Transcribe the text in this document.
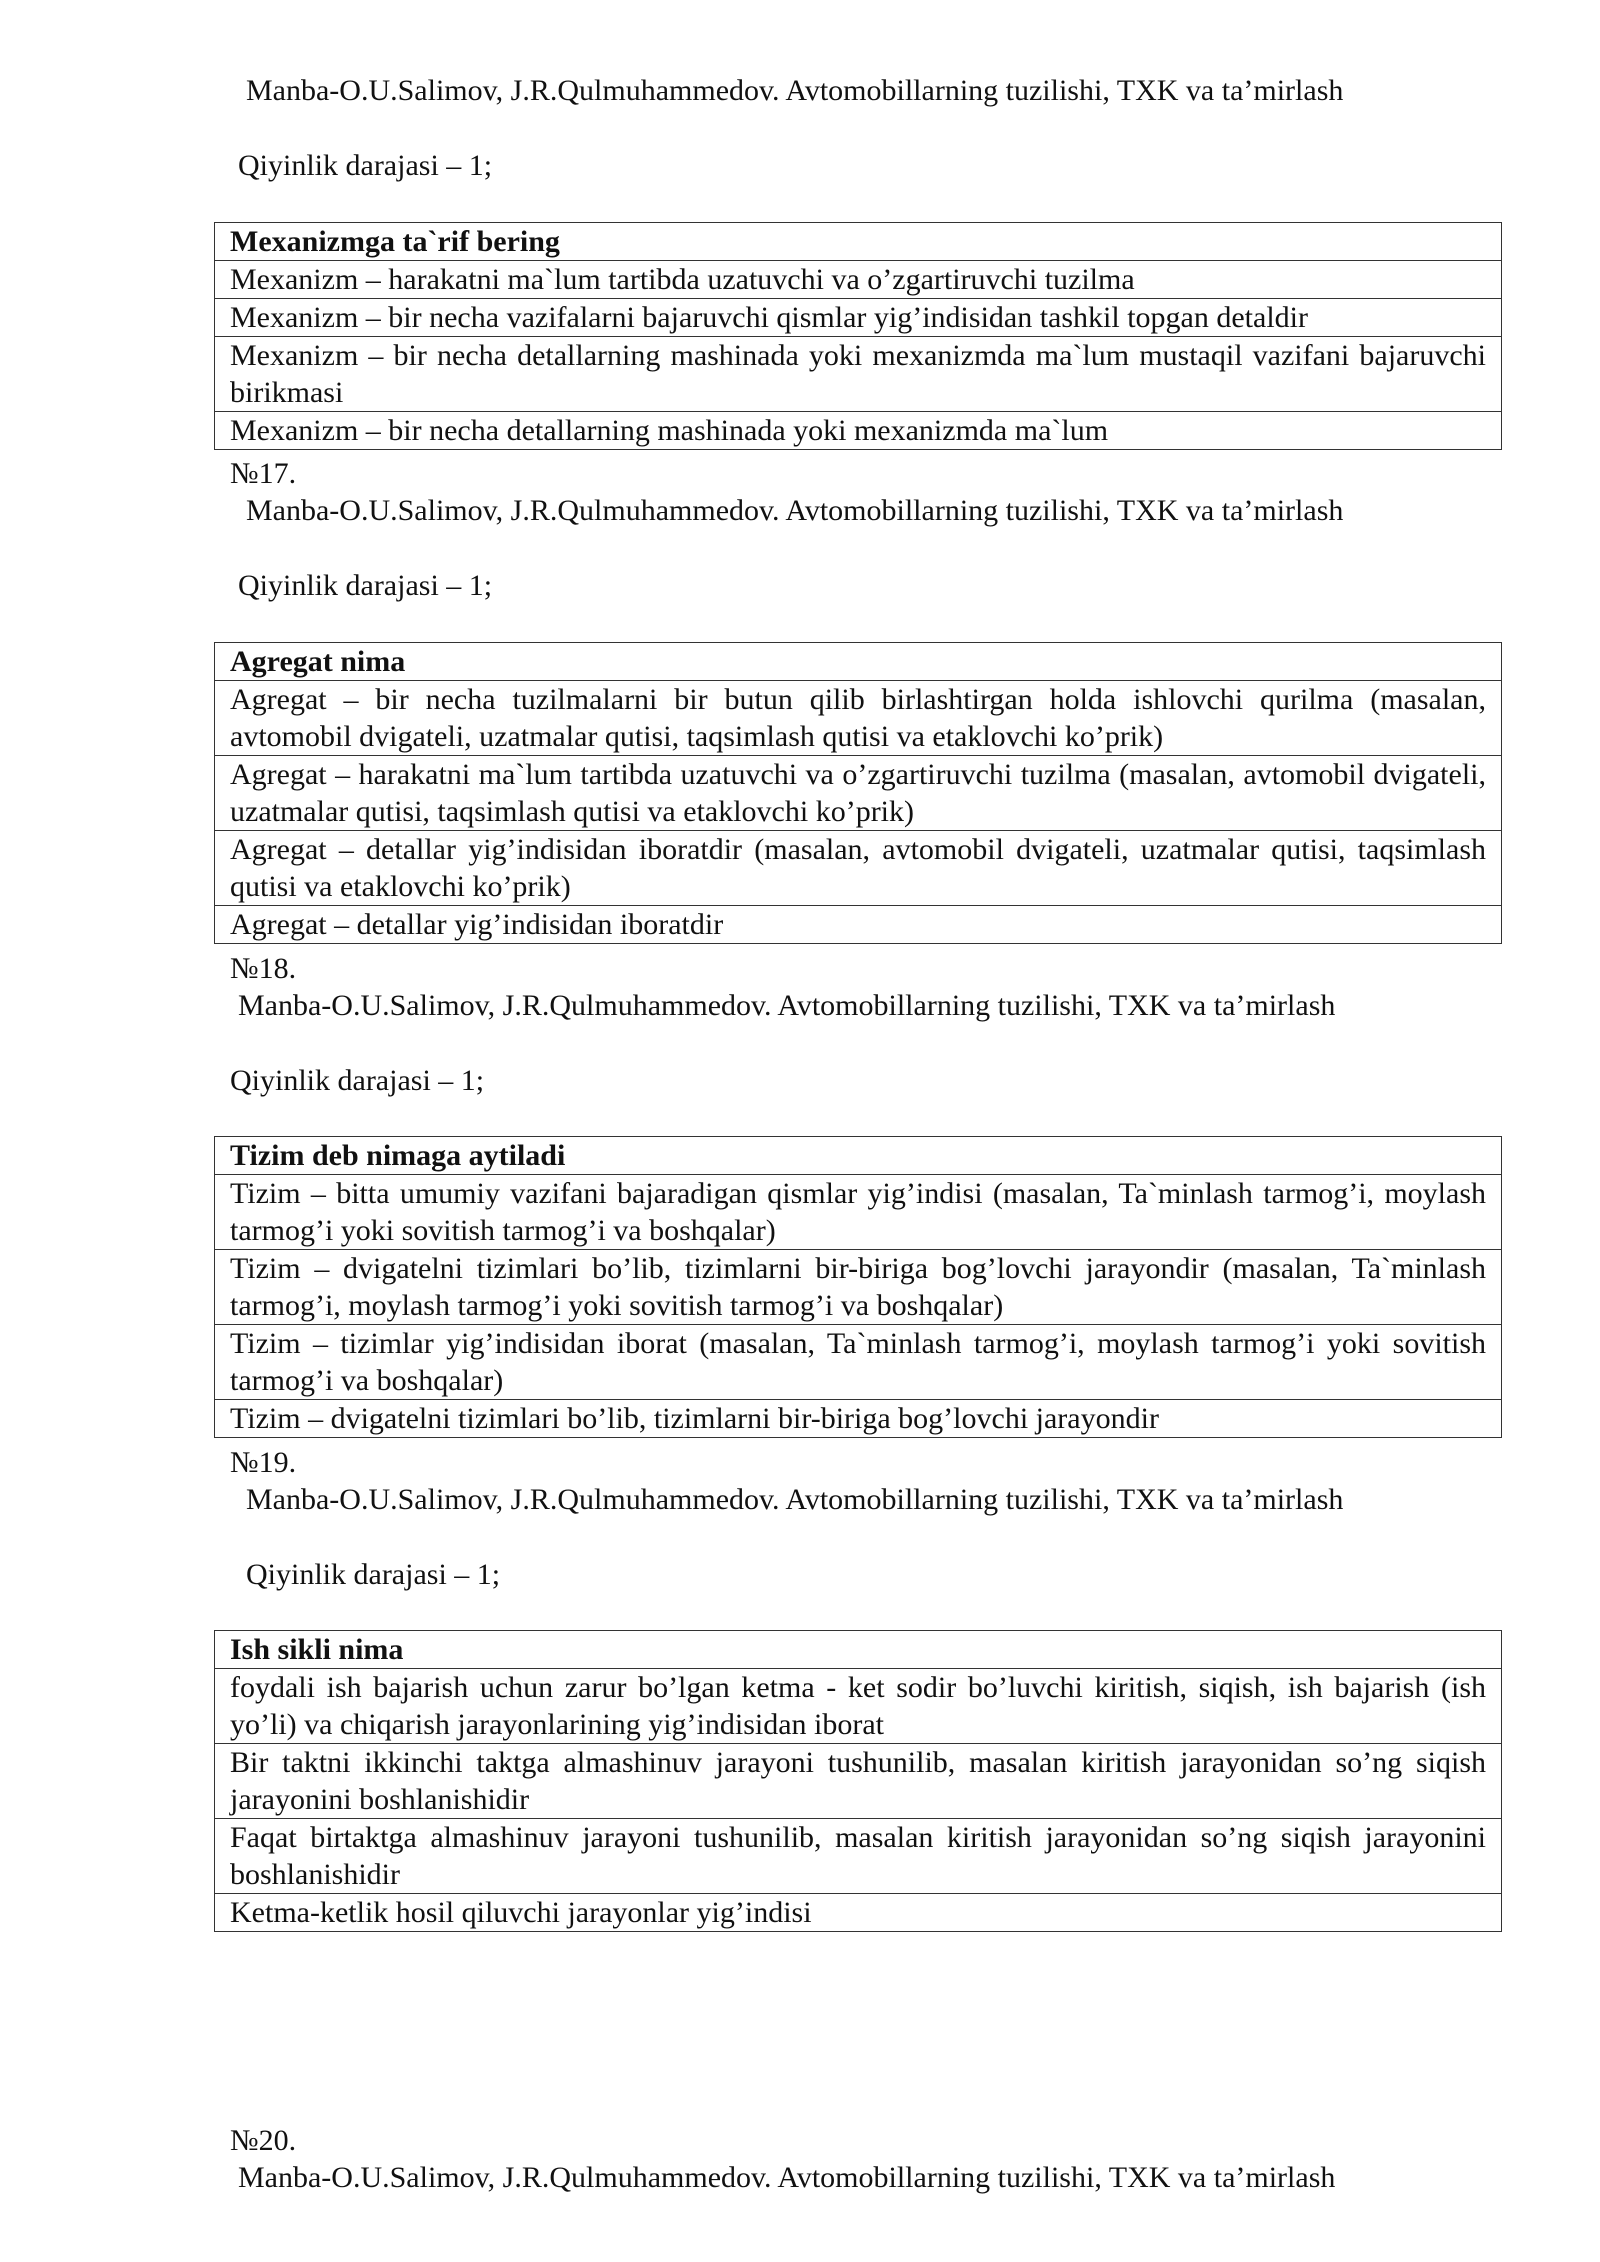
Manba-O.U.Salimov, J.R.Qulmuhammedov. Avtomobillarning tuzilishi, TXK va ta’mirlash
Qiyinlik darajasi – 1;
Mexanizmga ta`rif bering
Mexanizm – harakatni ma`lum tartibda uzatuvchi va o’zgartiruvchi tuzilma
Mexanizm – bir necha vazifalarni bajaruvchi qismlar yig’indisidan tashkil topgan detaldir
Mexanizm – bir necha detallarning mashinada yoki mexanizmda ma`lum mustaqil vazifani bajaruvchi birikmasi
Mexanizm – bir necha detallarning mashinada yoki mexanizmda ma`lum
№17.
Manba-O.U.Salimov, J.R.Qulmuhammedov. Avtomobillarning tuzilishi, TXK va ta’mirlash
Qiyinlik darajasi – 1;
Agregat nima
Agregat – bir necha tuzilmalarni bir butun qilib birlashtirgan holda ishlovchi qurilma (masalan, avtomobil dvigateli, uzatmalar qutisi, taqsimlash qutisi va etaklovchi ko’prik)
Agregat – harakatni ma`lum tartibda uzatuvchi va o’zgartiruvchi tuzilma (masalan, avtomobil dvigateli, uzatmalar qutisi, taqsimlash qutisi va etaklovchi ko’prik)
Agregat – detallar yig’indisidan iboratdir (masalan, avtomobil dvigateli, uzatmalar qutisi, taqsimlash qutisi va etaklovchi ko’prik)
Agregat – detallar yig’indisidan iboratdir
№18.
Manba-O.U.Salimov, J.R.Qulmuhammedov. Avtomobillarning tuzilishi, TXK va ta’mirlash
Qiyinlik darajasi – 1;
Tizim deb nimaga aytiladi
Tizim – bitta umumiy vazifani bajaradigan qismlar yig’indisi (masalan, Ta`minlash tarmog’i, moylash tarmog’i yoki sovitish tarmog’i va boshqalar)
Tizim – dvigatelni tizimlari bo’lib, tizimlarni bir-biriga bog’lovchi jarayondir (masalan, Ta`minlash tarmog’i, moylash tarmog’i yoki sovitish tarmog’i va boshqalar)
Tizim – tizimlar yig’indisidan iborat (masalan, Ta`minlash tarmog’i, moylash tarmog’i yoki sovitish tarmog’i va boshqalar)
Tizim – dvigatelni tizimlari bo’lib, tizimlarni bir-biriga bog’lovchi jarayondir
№19.
Manba-O.U.Salimov, J.R.Qulmuhammedov. Avtomobillarning tuzilishi, TXK va ta’mirlash
Qiyinlik darajasi – 1;
Ish sikli nima
foydali ish bajarish uchun zarur bo’lgan ketma - ket sodir bo’luvchi kiritish, siqish, ish bajarish (ish yo’li) va chiqarish jarayonlarining yig’indisidan iborat
Bir taktni ikkinchi taktga almashinuv jarayoni tushunilib, masalan kiritish jarayonidan so’ng siqish jarayonini boshlanishidir
Faqat birtaktga almashinuv jarayoni tushunilib, masalan kiritish jarayonidan so’ng siqish jarayonini boshlanishidir
Ketma-ketlik hosil qiluvchi jarayonlar yig’indisi
№20.
Manba-O.U.Salimov, J.R.Qulmuhammedov. Avtomobillarning tuzilishi, TXK va ta’mirlash
